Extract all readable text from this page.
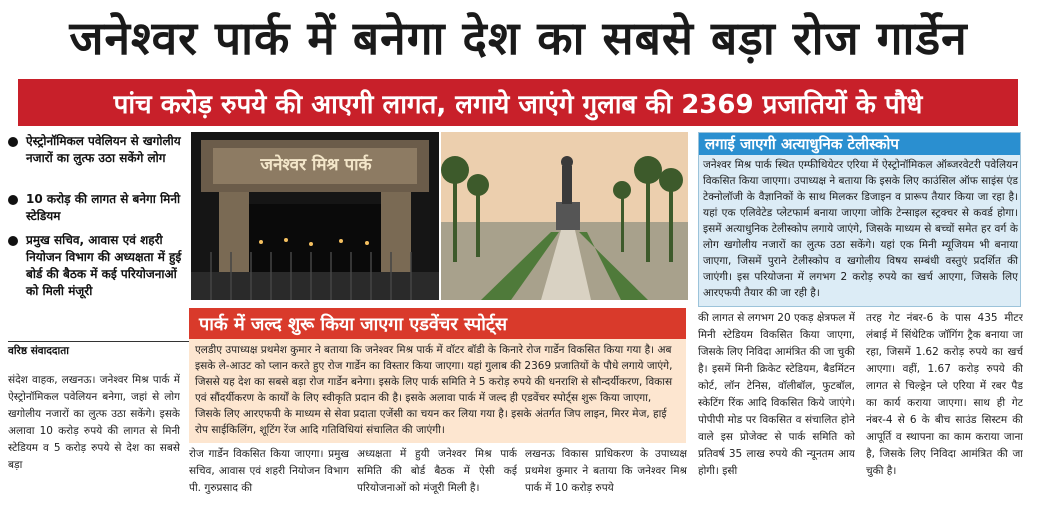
जनेश्वर पार्क में बनेगा देश का सबसे बड़ा रोज गार्डेन
पांच करोड़ रुपये की आएगी लागत, लगाये जाएंगे गुलाब की 2369 प्रजातियों के पौधे
ऐस्ट्रोनॉमिकल पवेलियन से खगोलीय नजारों का लुत्फ उठा सकेंगे लोग
10 करोड़ की लागत से बनेगा मिनी स्टेडियम
प्रमुख सचिव, आवास एवं शहरी नियोजन विभाग की अध्यक्षता में हुई बोर्ड की बैठक में कई परियोजनाओं को मिली मंजूरी
वरिष्ठ संवाददाता
संदेश वाहक, लखनऊ। जनेश्वर मिश्र पार्क में ऐस्ट्रोनॉमिकल पवेलियन बनेगा, जहां से लोग खगोलीय नजारों का लुत्फ उठा सकेंगे। इसके अलावा 10 करोड़ रुपये की लागत से मिनी स्टेडियम व 5 करोड़ रुपये से देश का सबसे बड़ा
जनेश्वर मिश्र पार्क
पार्क में जल्द शुरू किया जाएगा एडवेंचर स्पोर्ट्स
एलडीए उपाध्यक्ष प्रथमेश कुमार ने बताया कि जनेश्वर मिश्र पार्क में वॉटर बॉडी के किनारे रोज गार्डेन विकसित किया गया है। अब इसके ले-आउट को प्लान करते हुए रोज गार्डेन का विस्तार किया जाएगा। यहां गुलाब की 2369 प्रजातियों के पौधे लगाये जाएंगे, जिससे यह देश का सबसे बड़ा रोज गार्डेन बनेगा। इसके लिए पार्क समिति ने 5 करोड़ रुपये की धनराशि से सौन्दर्यीकरण, विकास एवं सौंदर्यीकरण के कार्यों के लिए स्वीकृति प्रदान की है। इसके अलावा पार्क में जल्द ही एडवेंचर स्पोर्ट्स शुरू किया जाएगा, जिसके लिए आरएफपी के माध्यम से सेवा प्रदाता एजेंसी का चयन कर लिया गया है। इसके अंतर्गत जिप लाइन, मिरर मेज, हाई रोप साईकिलिंग, शूटिंग रेंज आदि गतिविधियां संचालित की जाएंगी।
रोज गार्डेन विकसित किया जाएगा। प्रमुख सचिव, आवास एवं शहरी नियोजन विभाग पी. गुरुप्रसाद की
अध्यक्षता में हुयी जनेश्वर मिश्र पार्क समिति की बोर्ड बैठक में ऐसी कई परियोजनाओं को मंजूरी मिली है।
लखनऊ विकास प्राधिकरण के उपाध्यक्ष प्रथमेश कुमार ने बताया कि जनेश्वर मिश्र पार्क में 10 करोड़ रुपये
लगाई जाएगी अत्याधुनिक टेलीस्कोप
जनेश्वर मिश्र पार्क स्थित एम्फीथियेटर एरिया में ऐस्ट्रोनॉमिकल ऑब्जरवेटरी पवेलियन विकसित किया जाएगा। उपाध्यक्ष ने बताया कि इसके लिए काउंसिल ऑफ साइंस एंड टेक्नोलॉजी के वैज्ञानिकों के साथ मिलकर डिजाइन व प्रारूप तैयार किया जा रहा है। यहां एक एलिवेटेड प्लेटफार्म बनाया जाएगा जोकि टेन्साइल स्ट्रक्चर से कवर्ड होगा। इसमें अत्याधुनिक टेलीस्कोप लगाये जाएंगे, जिसके माध्यम से बच्चों समेत हर वर्ग के लोग खगोलीय नजारों का लुत्फ उठा सकेंगे। यहां एक मिनी म्यूजियम भी बनाया जाएगा, जिसमें पुराने टेलीस्कोप व खगोलीय विषय सम्बंधी वस्तुएं प्रदर्शित की जाएंगी। इस परियोजना में लगभग 2 करोड़ रुपये का खर्च आएगा, जिसके लिए आरएफपी तैयार की जा रही है।
की लागत से लगभग 20 एकड़ क्षेत्रफल में मिनी स्टेडियम विकसित किया जाएगा, जिसके लिए निविदा आमंत्रित की जा चुकी है। इसमें मिनी क्रिकेट स्टेडियम, बैडमिंटन कोर्ट, लॉन टेनिस, वॉलीबॉल, फुटबॉल, स्केटिंग रिंक आदि विकसित किये जाएंगे। पोपीपी मोड पर विकसित व संचालित होने वाले इस प्रोजेक्ट से पार्क समिति को प्रतिवर्ष 35 लाख रुपये की न्यूनतम आय होगी। इसी
तरह गेट नंबर-6 के पास 435 मीटर लंबाई में सिंथेटिक जॉगिंग ट्रैक बनाया जा रहा, जिसमें 1.62 करोड़ रुपये का खर्च आएगा। वहीं, 1.67 करोड़ रुपये की लागत से चिल्ड्रेन प्ले एरिया में रबर पैड का कार्य कराया जाएगा। साथ ही गेट नंबर-4 से 6 के बीच साउंड सिस्टम की आपूर्ति व स्थापना का काम कराया जाना है, जिसके लिए निविदा आमंत्रित की जा चुकी है।
